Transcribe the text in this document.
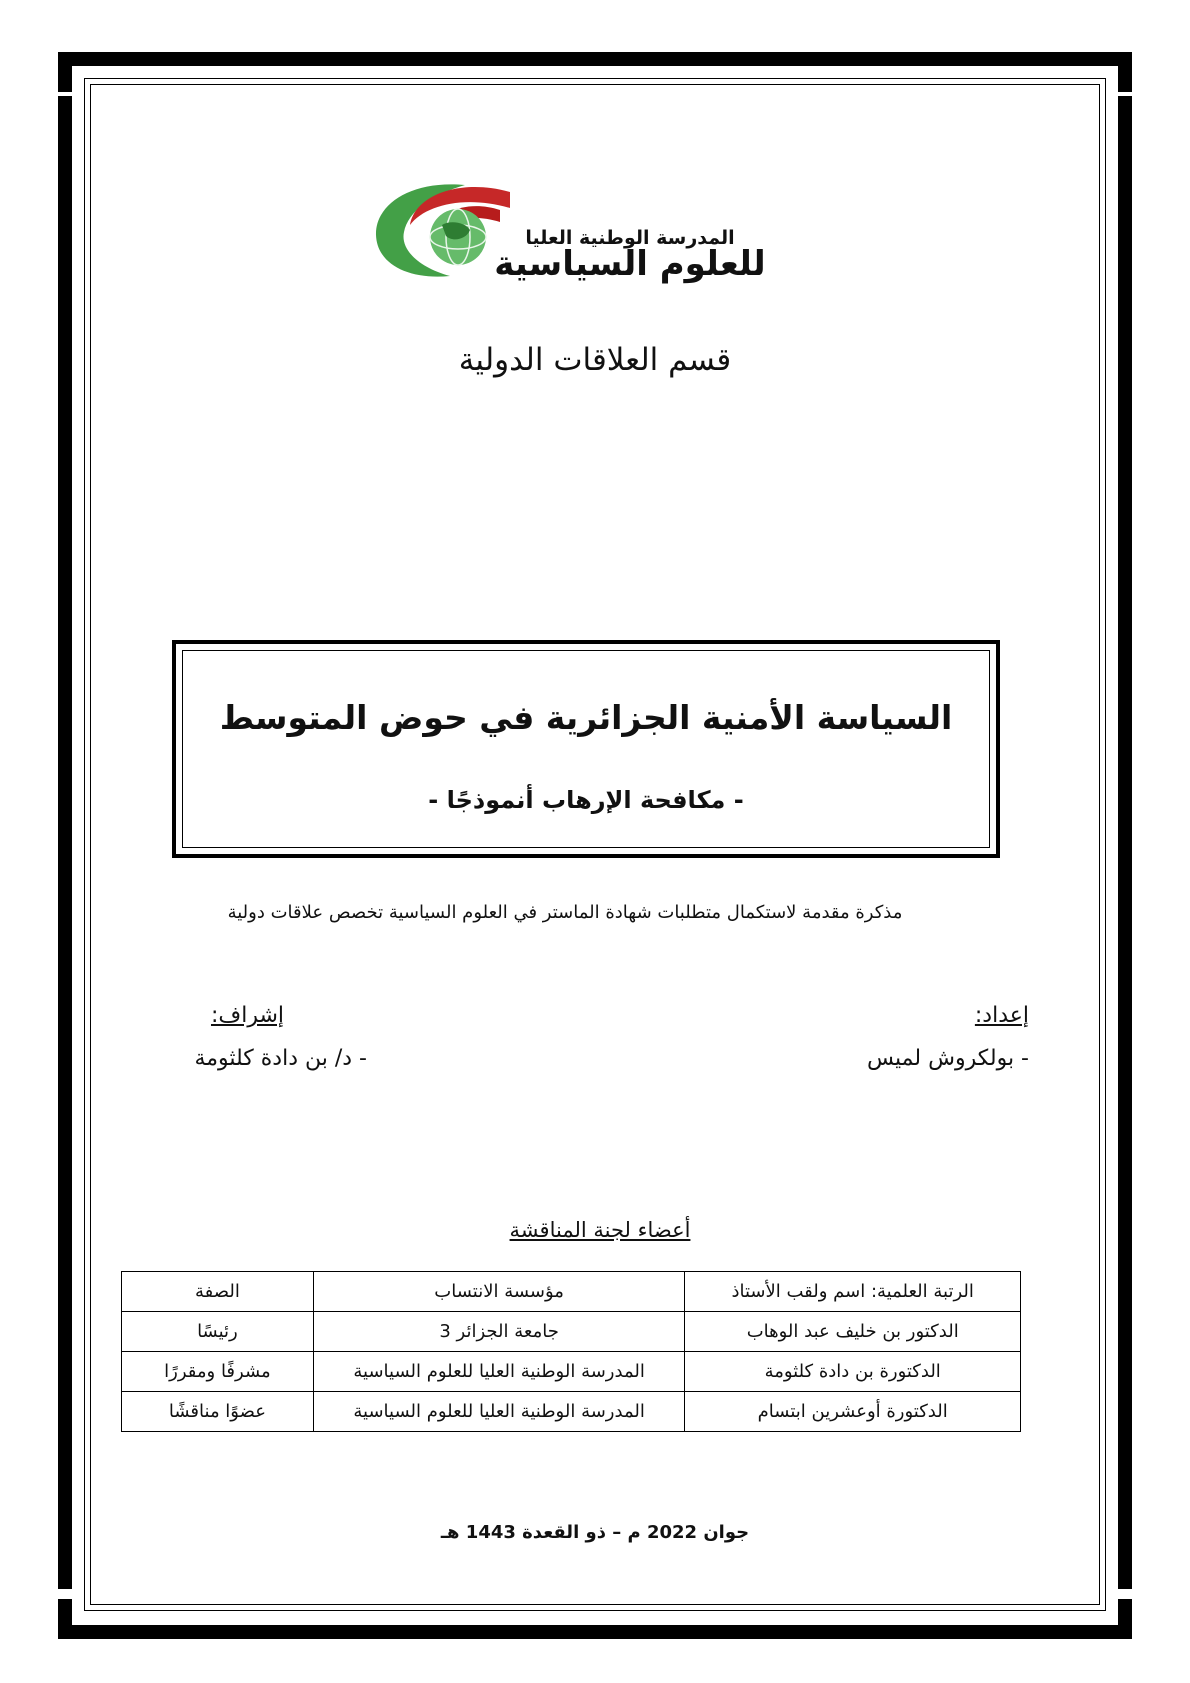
المدرسة الوطنية العليا
للعلوم السياسية
قسم العلاقات الدولية
السياسة الأمنية الجزائرية في حوض المتوسط
- مكافحة الإرهاب أنموذجًا -
مذكرة مقدمة لاستكمال متطلبات شهادة الماستر في العلوم السياسية تخصص علاقات دولية
إعداد:
إشراف:
- بولكروش لميس
- د/ بن دادة كلثومة
أعضاء لجنة المناقشة
الرتبة العلمية: اسم ولقب الأستاذ	مؤسسة الانتساب	الصفة
الدكتور بن خليف عبد الوهاب	جامعة الجزائر 3	رئيسًا
الدكتورة بن دادة كلثومة	المدرسة الوطنية العليا للعلوم السياسية	مشرفًا ومقررًا
الدكتورة أوعشرين ابتسام	المدرسة الوطنية العليا للعلوم السياسية	عضوًا مناقشًا
جوان 2022 م – ذو القعدة 1443 هـ
